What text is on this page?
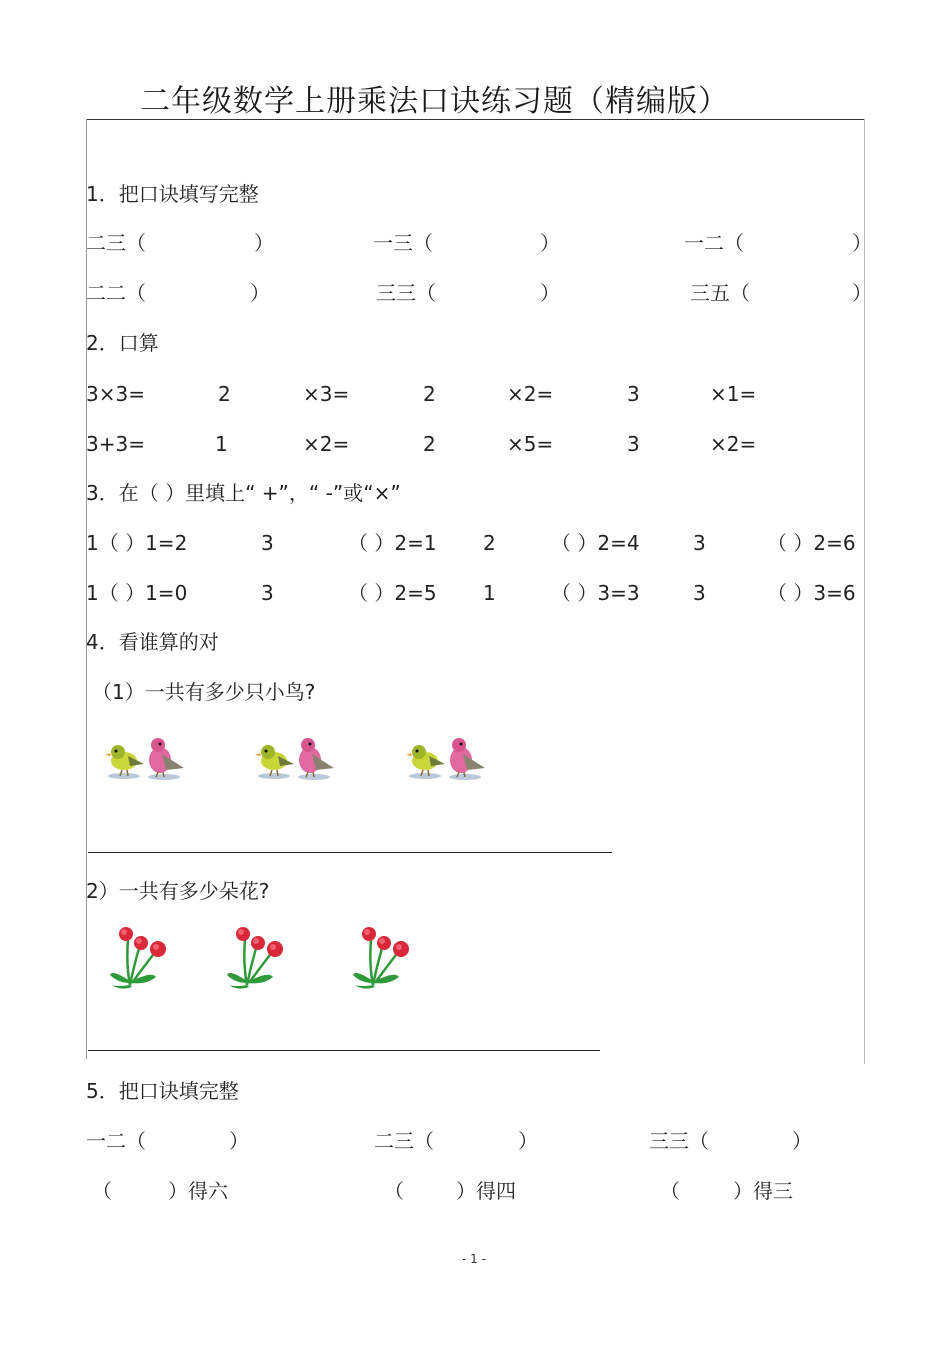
二年级数学上册乘法口诀练习题（精编版）
1．把口诀填写完整
二三（	）	一三（	）	一二（	）
二二（	）	三三（	）	三五（	）
2．口算
3×3=	2	×3=	2	×2=	3	×1=
3+3=	1	×2=	2	×5=	3	×2=
3．在（ ）里填上“ +”，“ -”或“×”
1（ ）1=2	3	（ ）2=1 2	（ ）2=4	3	（ ）2=6
1（ ）1=0	3	（ ）2=5 1	（ ）3=3	3	（ ）3=6
4．看谁算的对
（1）一共有多少只小鸟?
2）一共有多少朵花?
5．把口诀填完整
一二（	）	二三（	）	三三（	）
（	）得六	（	）得四	（	）得三
- 1 -
